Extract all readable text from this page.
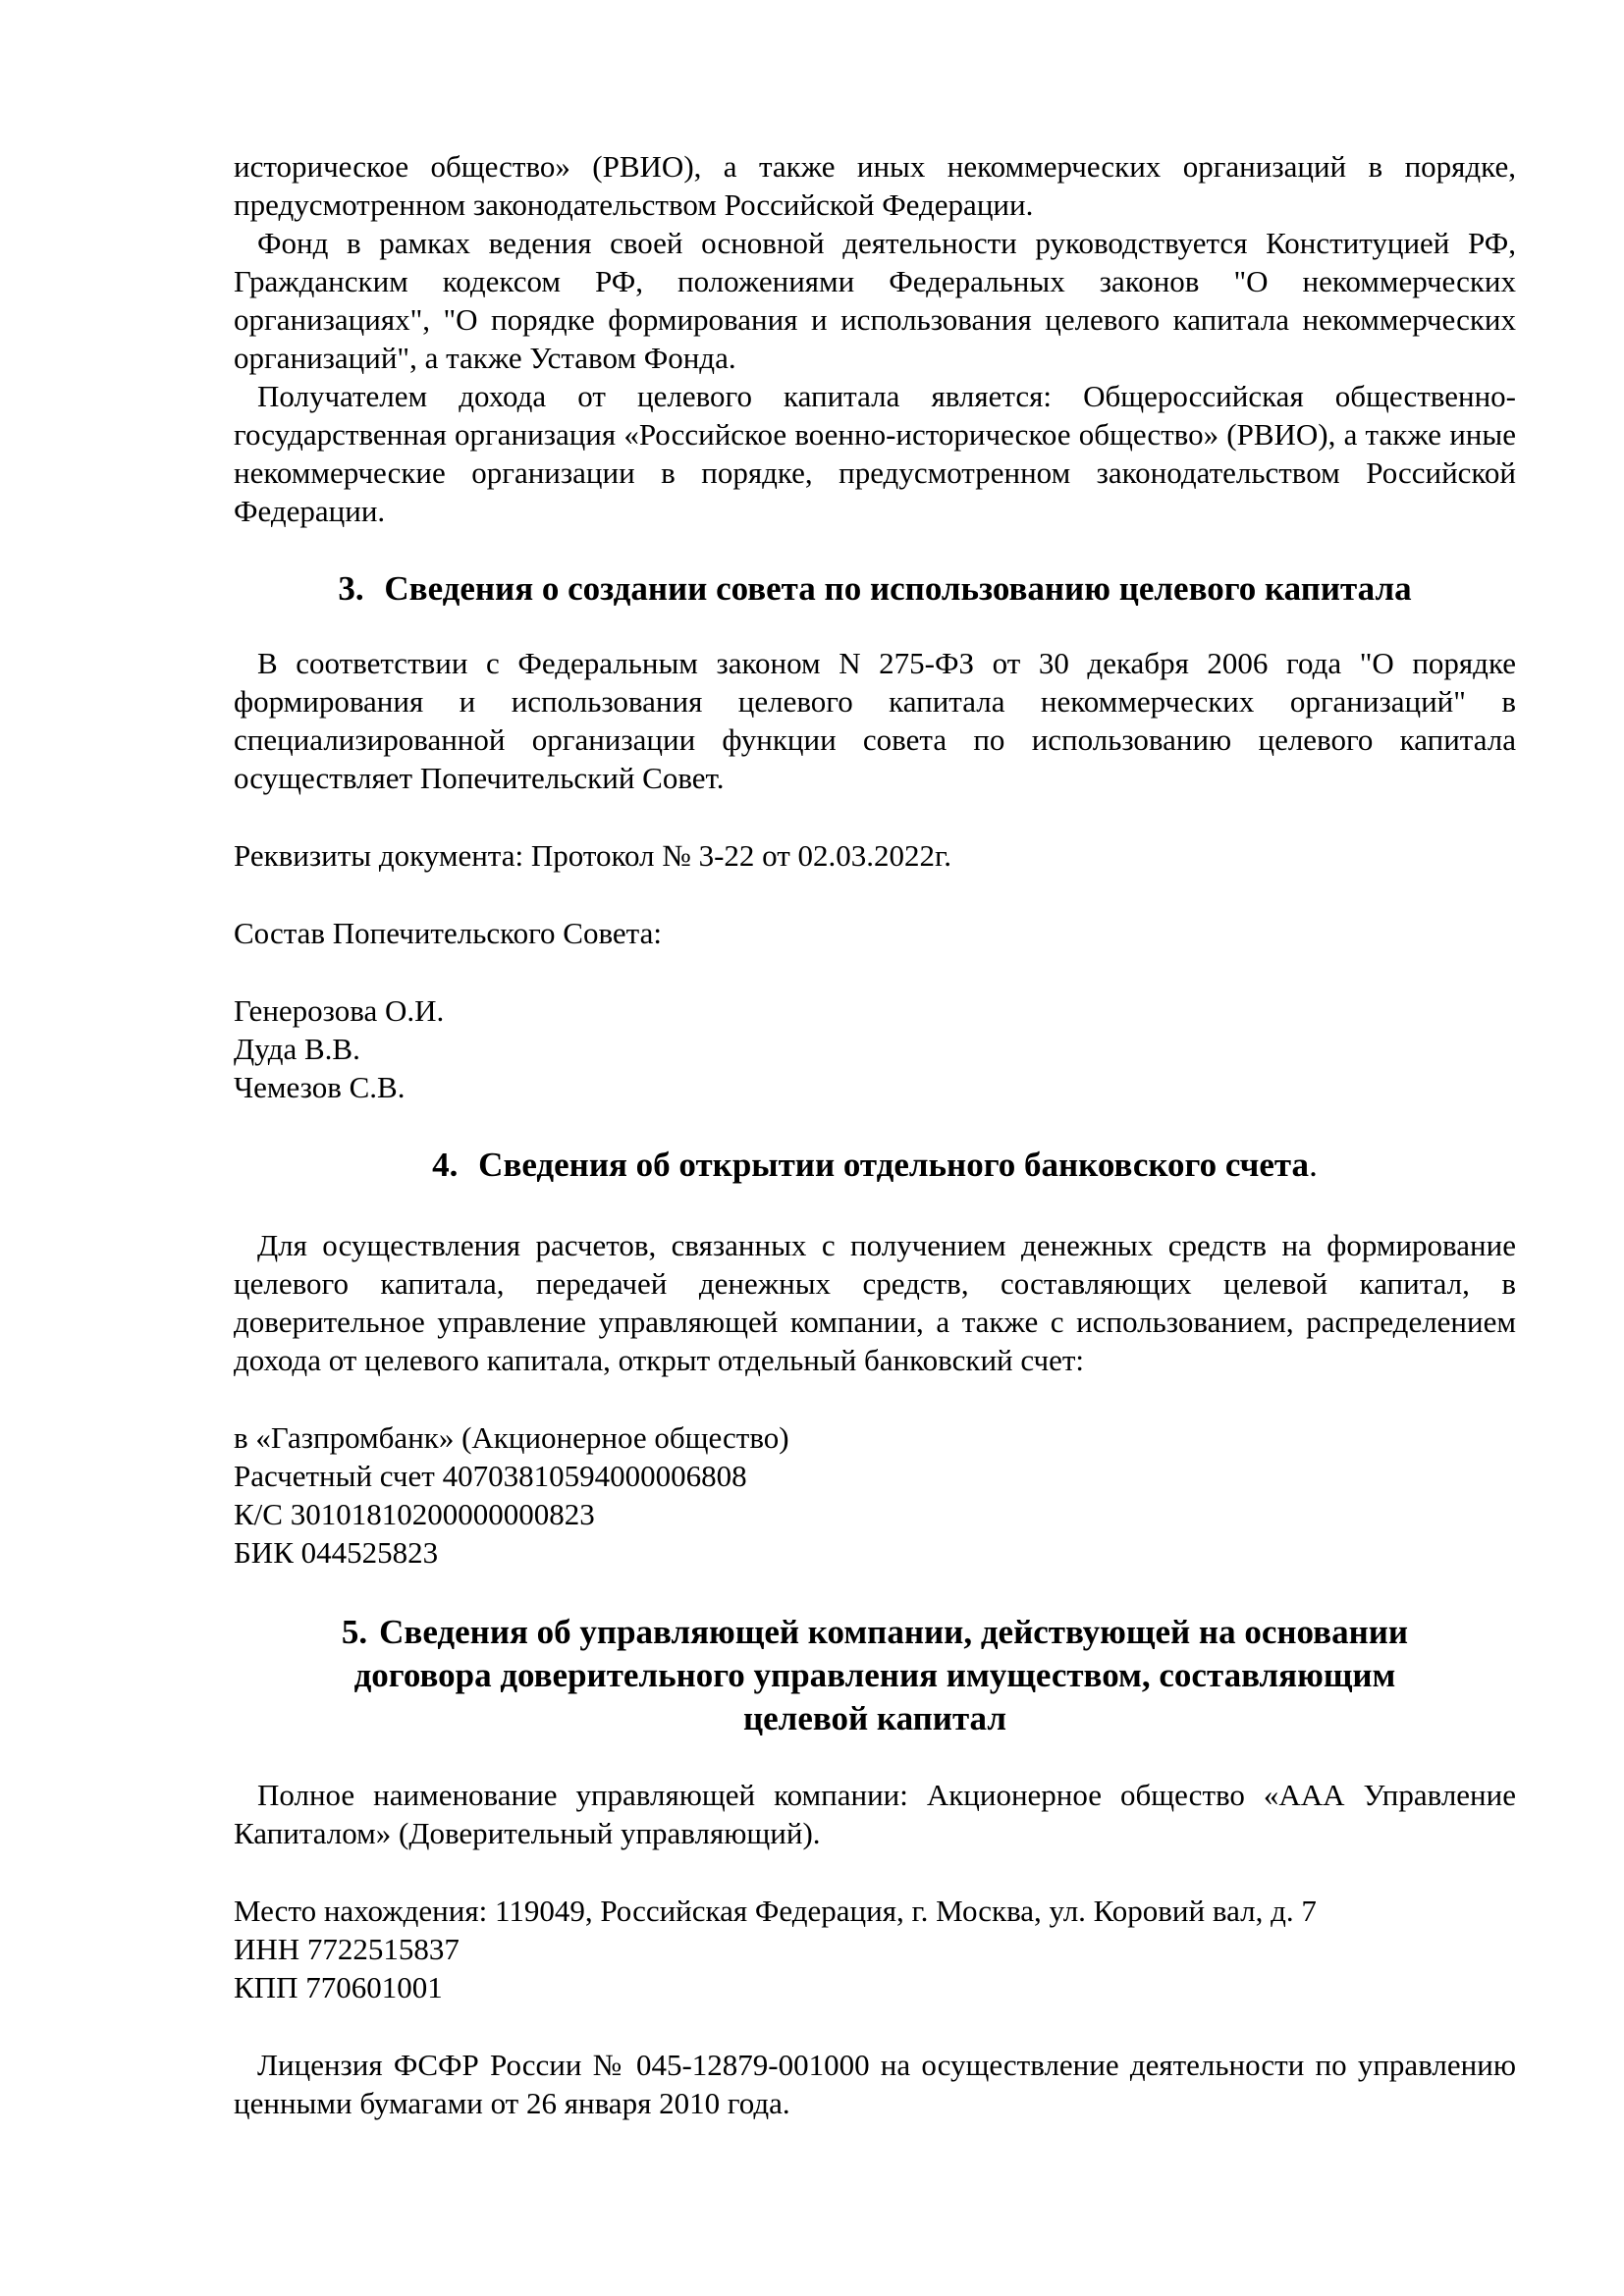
историческое общество» (РВИО), а также иных некоммерческих организаций в порядке,

предусмотренном законодательством Российской Федерации.

Фонд в рамках ведения своей основной деятельности руководствуется Конституцией РФ, Гражданским кодексом РФ, положениями Федеральных законов "О некоммерческих организациях", "О порядке формирования и использования целевого капитала некоммерческих организаций", а также Уставом Фонда.

Получателем дохода от целевого капитала является: Общероссийская общественно-государственная организация «Российское военно-историческое общество» (РВИО), а также иные некоммерческие организации в порядке, предусмотренном законодательством Российской Федерации.

3. Сведения о создании совета по использованию целевого капитала

В соответствии с Федеральным законом N 275-ФЗ от 30 декабря 2006 года "О порядке формирования и использования целевого капитала некоммерческих организаций" в специализированной организации функции совета по использованию целевого капитала осуществляет Попечительский Совет.

Реквизиты документа: Протокол № 3-22 от 02.03.2022г.

Состав Попечительского Совета:

Генерозова О.И.
Дуда В.В.
Чемезов С.В.
4. Сведения об открытии отдельного банковского счета.

Для осуществления расчетов, связанных с получением денежных средств на формирование целевого капитала, передачей денежных средств, составляющих целевой капитал, в доверительное управление управляющей компании, а также с использованием, распределением дохода от целевого капитала, открыт отдельный банковский счет:

в «Газпромбанк» (Акционерное общество)
Расчетный счет 40703810594000006808
К/С 30101810200000000823
БИК 044525823
5. Сведения об управляющей компании, действующей на основании
договора доверительного управления имуществом, составляющим
целевой капитал

Полное наименование управляющей компании: Акционерное общество «ААА Управление Капиталом» (Доверительный управляющий).

Место нахождения: 119049, Российская Федерация, г. Москва, ул. Коровий вал, д. 7
ИНН 7722515837
КПП 770601001

Лицензия ФСФР России № 045-12879-001000 на осуществление деятельности по управлению ценными бумагами от 26 января 2010 года.
